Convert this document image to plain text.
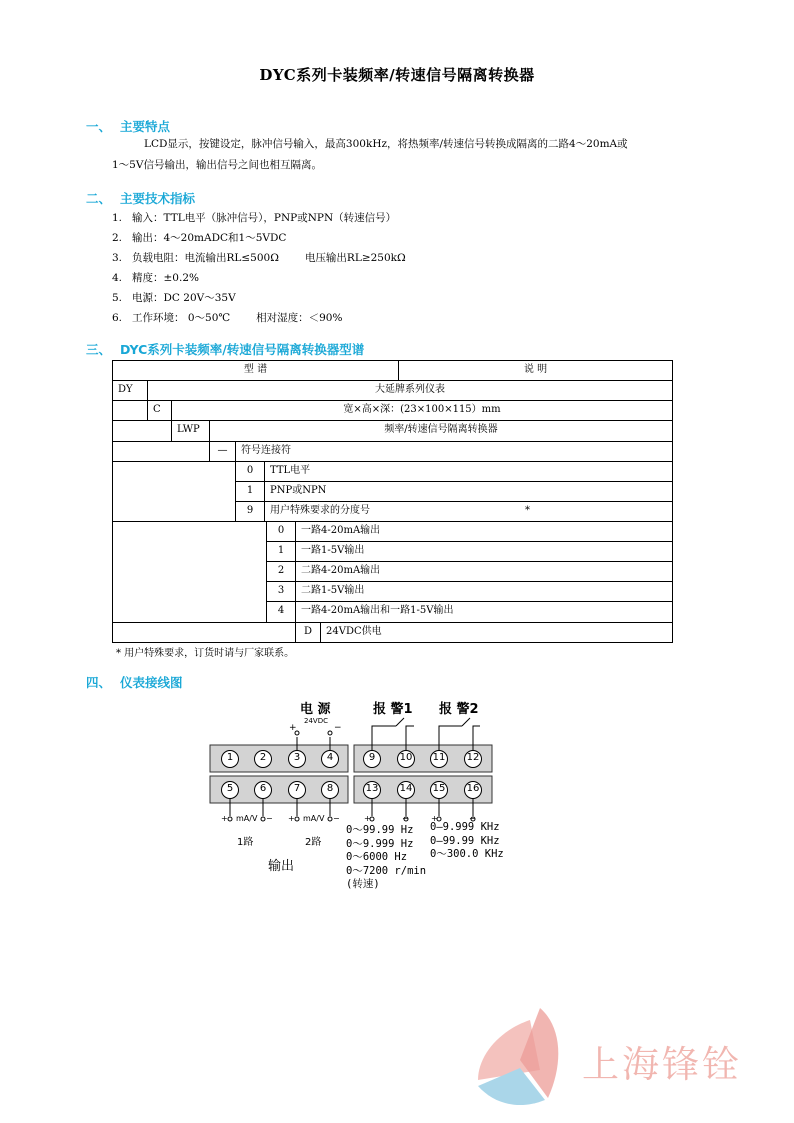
DYC系列卡装频率/转速信号隔离转换器
一、 主要特点
LCD显示，按键设定，脉冲信号输入，最高300kHz，将热频率/转速信号转换成隔离的二路4～20mA或
1～5V信号输出，输出信号之间也相互隔离。
二、 主要技术指标
1. 输入：TTL电平（脉冲信号），PNP或NPN（转速信号）
2. 输出：4～20mADC和1～5VDC
3. 负载电阻：电流输出RL≤500Ω 电压输出RL≥250kΩ
4. 精度：±0.2%
5. 电源：DC 20V～35V
6. 工作环境： 0～50℃ 相对湿度：＜90%
三、 DYC系列卡装频率/转速信号隔离转换器型谱
型 谱	说 明
DY	大延牌系列仪表
C	宽×高×深：(23×100×115）mm
LWP	频率/转速信号隔离转换器
—	符号连接符
0	TTL电平
1	PNP或NPN
9	用户特殊要求的分度号	*
0	一路4-20mA输出
1	一路1-5V输出
2	二路4-20mA输出
3	二路1-5V输出
4	一路4-20mA输出和一路1-5V输出
D	24VDC供电
* 用户特殊要求，订货时请与厂家联系。
四、 仪表接线图
1	2	3	4	9	10	11	12
5	6	7	8	13	14	15	16
电 源
24VDC
+	−
报 警1 报 警2
+ mA/V − + mA/V −	+	−	+	−
1路	2路
输出
0～99.99 Hz
0～9.999 Hz
0～6000 Hz
0～7200 r/min
(转速)
0—9.999 KHz
0—99.99 KHz
0～300.0 KHz
上海锋铨
